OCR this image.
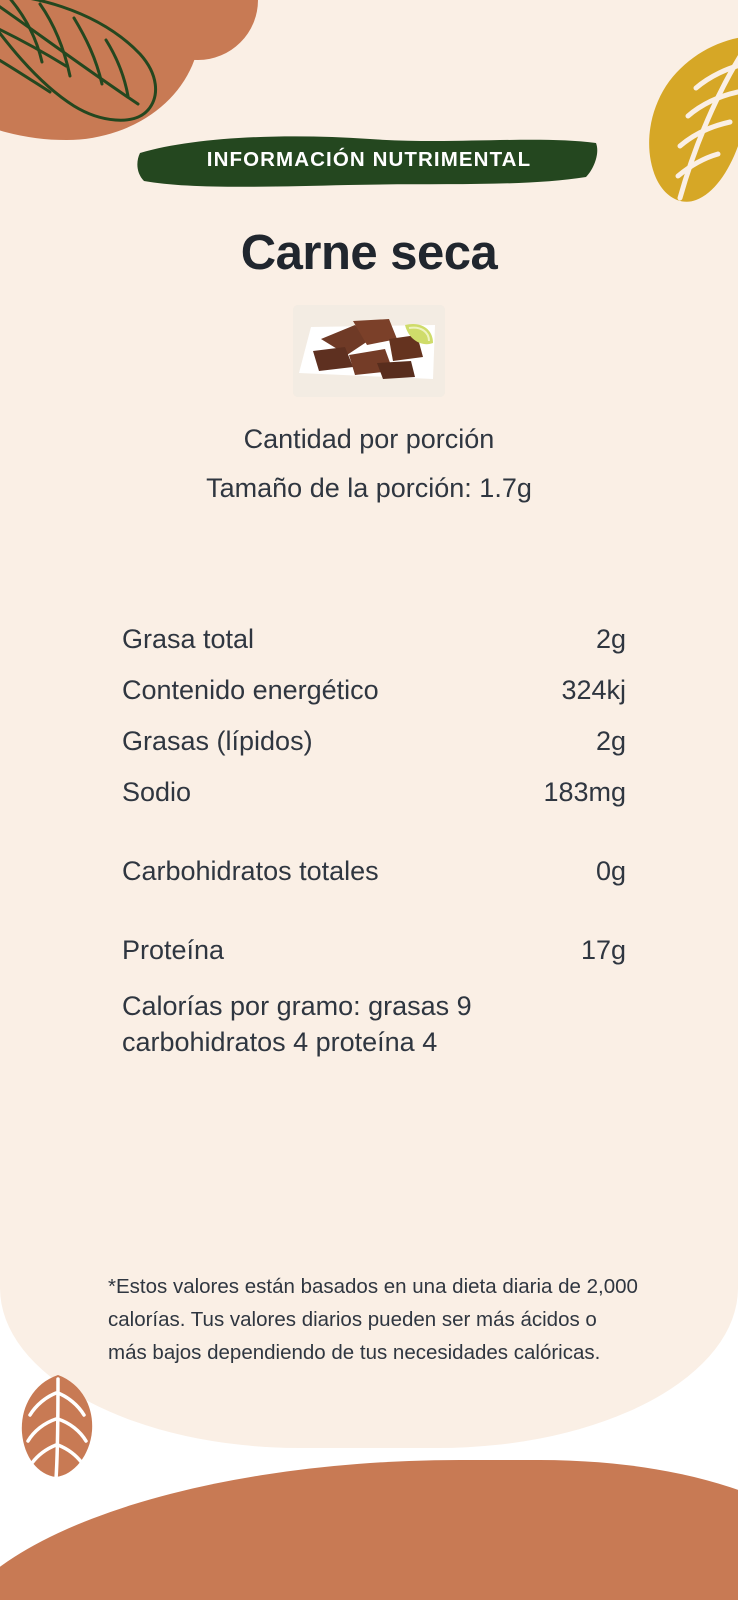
INFORMACIÓN NUTRIMENTAL
Carne seca
Cantidad por porción
Tamaño de la porción: 1.7g
Grasa total	2g
Contenido energético	324kj
Grasas (lípidos)	2g
Sodio	183mg
Carbohidratos totales	0g
Proteína	17g
Calorías por gramo: grasas 9
carbohidratos 4 proteína 4
*Estos valores están basados en una dieta diaria de 2,000 calorías. Tus valores diarios pueden ser más ácidos o más bajos dependiendo de tus necesidades calóricas.
